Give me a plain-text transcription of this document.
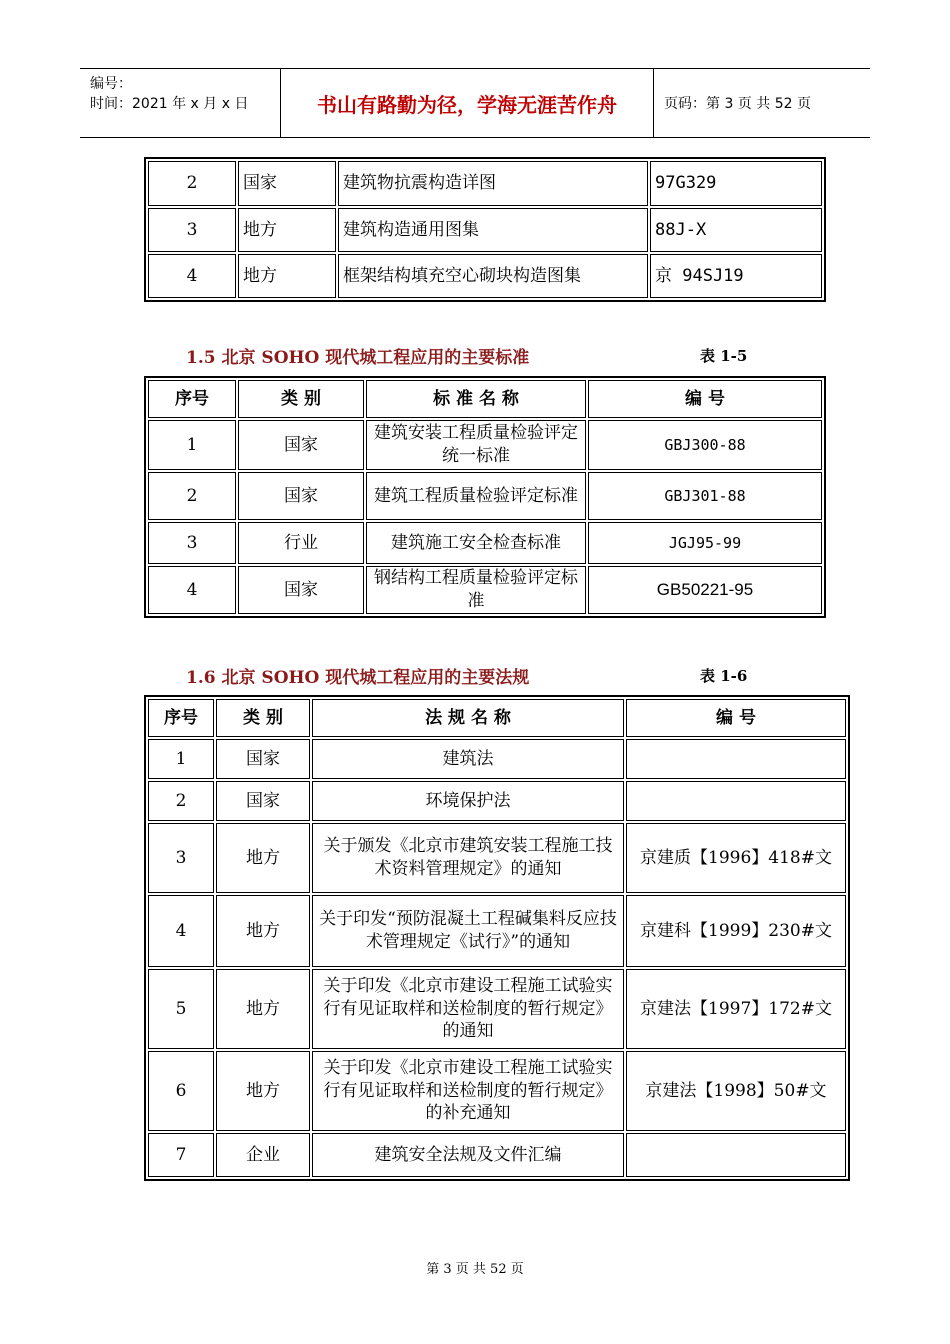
编号：
时间：2021 年 x 月 x 日	书山有路勤为径，学海无涯苦作舟	页码：第 3 页 共 52 页
2	国家	建筑物抗震构造详图	97G329
3	地方	建筑构造通用图集	88J-X
4	地方	框架结构填充空心砌块构造图集	京 94SJ19
1.5 北京 SOHO 现代城工程应用的主要标准	表 1-5
序号	类 别	标 准 名 称	编 号
1	国家	建筑安装工程质量检验评定统一标准	GBJ300-88
2	国家	建筑工程质量检验评定标准	GBJ301-88
3	行业	建筑施工安全检查标准	JGJ95-99
4	国家	钢结构工程质量检验评定标准	GB50221-95
1.6 北京 SOHO 现代城工程应用的主要法规	表 1-6
序号	类 别	法 规 名 称	编 号
1	国家	建筑法	
2	国家	环境保护法	
3	地方	关于颁发《北京市建筑安装工程施工技术资料管理规定》的通知	京建质【1996】418#文
4	地方	关于印发“预防混凝土工程碱集料反应技术管理规定《试行》”的通知	京建科【1999】230#文
5	地方	关于印发《北京市建设工程施工试验实行有见证取样和送检制度的暂行规定》的通知	京建法【1997】172#文
6	地方	关于印发《北京市建设工程施工试验实行有见证取样和送检制度的暂行规定》的补充通知	京建法【1998】50#文
7	企业	建筑安全法规及文件汇编	
第 3 页 共 52 页
